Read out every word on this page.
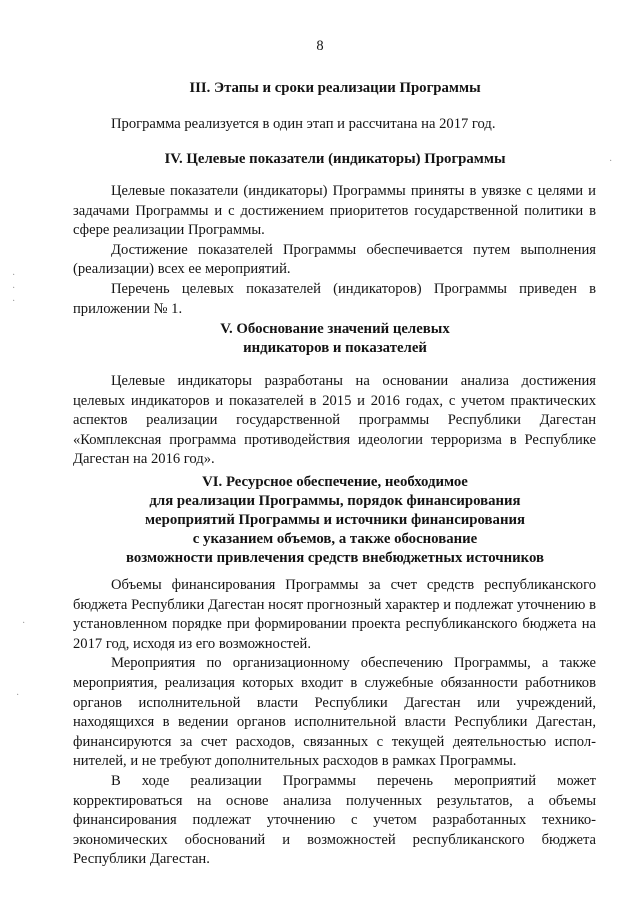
8
III. Этапы и сроки реализации Программы

Программа реализуется в один этап и рассчитана на 2017 год.

IV. Целевые показатели (индикаторы) Программы

Целевые показатели (индикаторы) Программы приняты в увязке с целями и задачами Программы и с достижением приоритетов государственной политики в сфере реализации Программы.

Достижение показателей Программы обеспечивается путем выполнения (реализации) всех ее мероприятий.

Перечень целевых показателей (индикаторов) Программы приведен в приложении № 1.

V. Обоснование значений целевых
индикаторов и показателей

Целевые индикаторы разработаны на основании анализа достижения целевых индикаторов и показателей в 2015 и 2016 годах, с учетом практических аспектов реализации государственной программы Республики Дагестан «Комплексная программа противодействия идеологии терроризма в Республике Дагестан на 2016 год».

VI. Ресурсное обеспечение, необходимое
для реализации Программы, порядок финансирования
мероприятий Программы и источники финансирования
с указанием объемов, а также обоснование
возможности привлечения средств внебюджетных источников

Объемы финансирования Программы за счет средств республиканского бюджета Республики Дагестан носят прогнозный характер и подлежат уточнению в установленном порядке при формировании проекта республиканского бюджета на 2017 год, исходя из его возможностей.

Мероприятия по организационному обеспечению Программы, а также мероприятия, реализация которых входит в служебные обязанности работников органов исполнительной власти Республики Дагестан или учреждений, находящихся в ведении органов исполнительной власти Республики Дагестан, финансируются за счет расходов, связанных с текущей деятельностью испол-нителей, и не требуют дополнительных расходов в рамках Программы.

В ходе реализации Программы перечень мероприятий может корректироваться на основе анализа полученных результатов, а объемы финансирования подлежат уточнению с учетом разработанных технико-экономических обоснований и возможностей республиканского бюджета Республики Дагестан.

·
·
·
·
·
·
